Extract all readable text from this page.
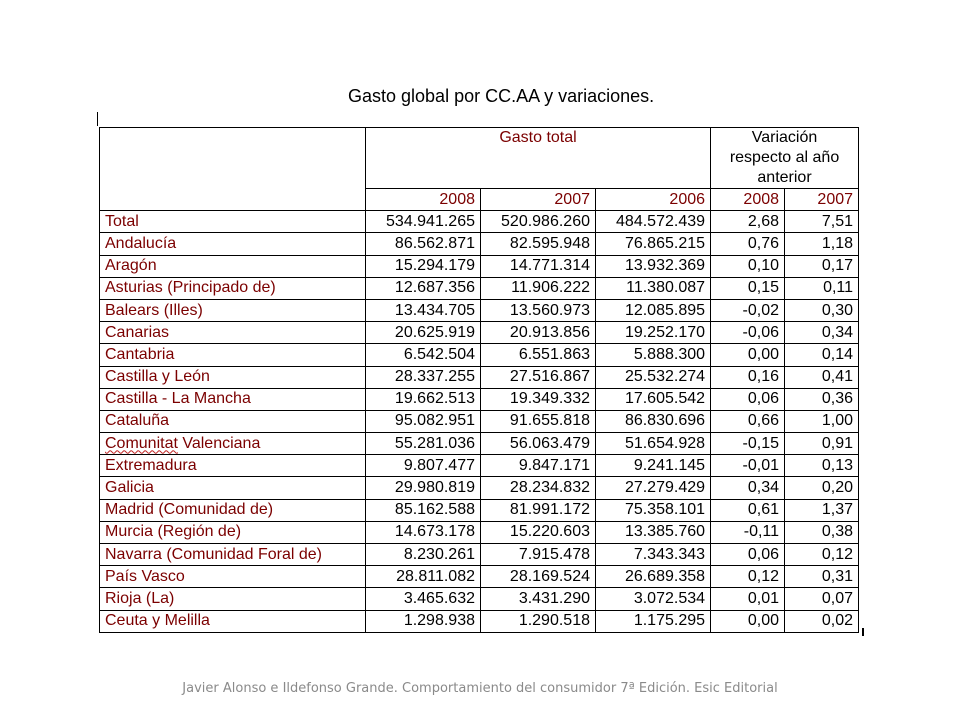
Gasto global por CC.AA y variaciones.
	Gasto total			Variación
respecto al año
anterior	

	2008	2007	2006	2008	2007
Total	534.941.265	520.986.260	484.572.439	2,68	7,51
Andalucía	86.562.871	82.595.948	76.865.215	0,76	1,18
Aragón	15.294.179	14.771.314	13.932.369	0,10	0,17
Asturias (Principado de)	12.687.356	11.906.222	11.380.087	0,15	0,11
Balears (Illes)	13.434.705	13.560.973	12.085.895	-0,02	0,30
Canarias	20.625.919	20.913.856	19.252.170	-0,06	0,34
Cantabria	6.542.504	6.551.863	5.888.300	0,00	0,14
Castilla y León	28.337.255	27.516.867	25.532.274	0,16	0,41
Castilla - La Mancha	19.662.513	19.349.332	17.605.542	0,06	0,36
Cataluña	95.082.951	91.655.818	86.830.696	0,66	1,00
Comunitat Valenciana	55.281.036	56.063.479	51.654.928	-0,15	0,91
Extremadura	9.807.477	9.847.171	9.241.145	-0,01	0,13
Galicia	29.980.819	28.234.832	27.279.429	0,34	0,20
Madrid (Comunidad de)	85.162.588	81.991.172	75.358.101	0,61	1,37
Murcia (Región de)	14.673.178	15.220.603	13.385.760	-0,11	0,38
Navarra (Comunidad Foral de)	8.230.261	7.915.478	7.343.343	0,06	0,12
País Vasco	28.811.082	28.169.524	26.689.358	0,12	0,31
Rioja (La)	3.465.632	3.431.290	3.072.534	0,01	0,07
Ceuta y Melilla	1.298.938	1.290.518	1.175.295	0,00	0,02
Javier Alonso e Ildefonso Grande. Comportamiento del consumidor 7ª Edición. Esic Editorial
